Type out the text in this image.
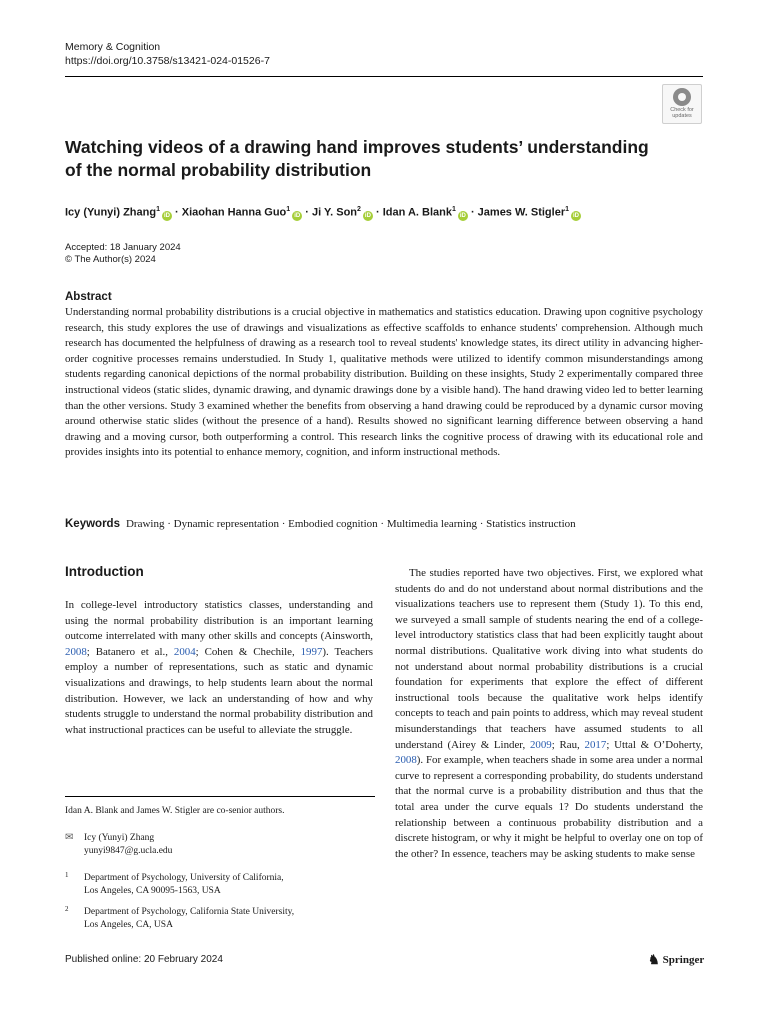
Memory & Cognition
https://doi.org/10.3758/s13421-024-01526-7
Check for
updates
Watching videos of a drawing hand improves students’ understanding of the normal probability distribution
Icy (Yunyi) Zhang$^1$iD · Xiaohan Hanna Guo$^1$iD · Ji Y. Son$^2$iD · Idan A. Blank$^1$iD · James W. Stigler$^1$iD
Accepted: 18 January 2024
© The Author(s) 2024
Abstract

Understanding normal probability distributions is a crucial objective in mathematics and statistics education. Drawing upon cognitive psychology research, this study explores the use of drawings and visualizations as effective scaffolds to enhance students' comprehension. Although much research has documented the helpfulness of drawing as a research tool to reveal students' knowledge states, its direct utility in advancing higher-order cognitive processes remains understudied. In Study 1, qualitative methods were utilized to identify common misunderstandings among students regarding canonical depictions of the normal probability distribution. Building on these insights, Study 2 experimentally compared three instructional videos (static slides, dynamic drawing, and dynamic drawings done by a visible hand). The hand drawing video led to better learning than the other versions. Study 3 examined whether the benefits from observing a hand drawing could be reproduced by a dynamic cursor moving around otherwise static slides (without the presence of a hand). Results showed no significant learning difference between observing a hand drawing and a moving cursor, both outperforming a control. This research links the cognitive process of drawing with its educational role and provides insights into its potential to enhance memory, cognition, and inform instructional methods.

Keywords Drawing · Dynamic representation · Embodied cognition · Multimedia learning · Statistics instruction
Introduction

In college-level introductory statistics classes, understanding and using the normal probability distribution is an important learning outcome interrelated with many other skills and concepts (Ainsworth, 2008; Batanero et al., 2004; Cohen & Chechile, 1997). Teachers employ a number of representations, such as static and dynamic visualizations and drawings, to help students learn about the normal distribution. However, we lack an understanding of how and why students struggle to understand the normal probability distribution and what instructional practices can be useful to alleviate the struggle.

Idan A. Blank and James W. Stigler are co-senior authors.
✉ Icy (Yunyi) Zhang
yunyi9847@g.ucla.edu
1 Department of Psychology, University of California,
Los Angeles, CA 90095-1563, USA
2 Department of Psychology, California State University,
Los Angeles, CA, USA

The studies reported have two objectives. First, we explored what students do and do not understand about normal distributions and the visualizations teachers use to represent them (Study 1). To this end, we surveyed a small sample of students nearing the end of a college-level introductory statistics class that had been explicitly taught about normal distributions. Qualitative work diving into what students do not understand about normal probability distributions is a crucial foundation for experiments that explore the effect of different instructional tools because the qualitative work helps identify concepts to teach and pain points to address, which may reveal student misunderstandings that teachers have assumed students to all understand (Airey & Linder, 2009; Rau, 2017; Uttal & O’Doherty, 2008). For example, when teachers shade in some area under a normal curve to represent a corresponding probability, do students understand that the normal curve is a probability distribution and thus that the total area under the curve equals 1? Do students understand the relationship between a continuous probability distribution and a discrete histogram, or why it might be helpful to overlay one on top of the other? In essence, teachers may be asking students to make sense

Published online: 20 February 2024	♞ Springer
